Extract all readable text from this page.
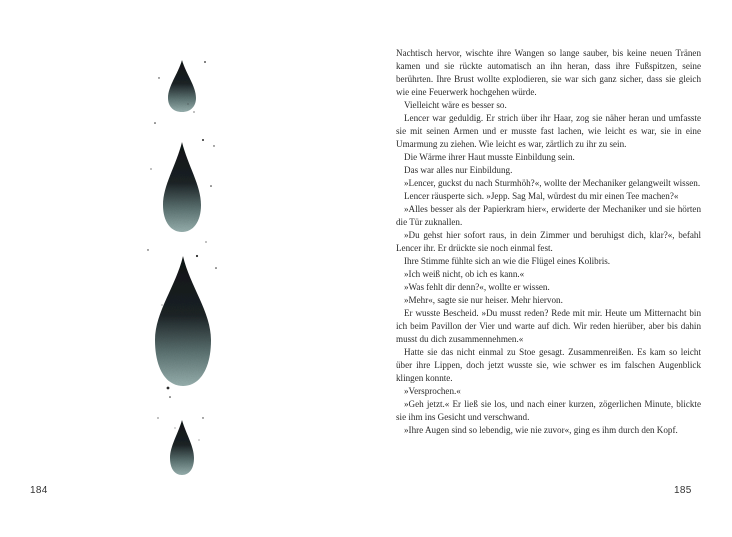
184

Nachtisch hervor, wischte ihre Wangen so lange sauber, bis keine neuen Tränen kamen und sie rückte automatisch an ihn heran, dass ihre Fußspitzen, seine berührten. Ihre Brust wollte explodieren, sie war sich ganz sicher, dass sie gleich wie eine Feuerwerk hochgehen würde.

Vielleicht wäre es besser so.

Lencer war geduldig. Er strich über ihr Haar, zog sie näher heran und umfasste sie mit seinen Armen und er musste fast lachen, wie leicht es war, sie in eine Umarmung zu ziehen. Wie leicht es war, zärtlich zu ihr zu sein.

Die Wärme ihrer Haut musste Einbildung sein.

Das war alles nur Einbildung.

»Lencer, guckst du nach Sturmhöh?«, wollte der Mechaniker gelangweilt wissen.

Lencer räusperte sich. »Jepp. Sag Mal, würdest du mir einen Tee machen?«

»Alles besser als der Papierkram hier«, erwiderte der Mechaniker und sie hörten die Tür zuknallen.

»Du gehst hier sofort raus, in dein Zimmer und beruhigst dich, klar?«, befahl Lencer ihr. Er drückte sie noch einmal fest.

Ihre Stimme fühlte sich an wie die Flügel eines Kolibris.

»Ich weiß nicht, ob ich es kann.«

»Was fehlt dir denn?«, wollte er wissen.

»Mehr«, sagte sie nur heiser. Mehr hiervon.

Er wusste Bescheid. »Du musst reden? Rede mit mir. Heute um Mitternacht bin ich beim Pavillon der Vier und warte auf dich. Wir reden hierüber, aber bis dahin musst du dich zusammennehmen.«

Hatte sie das nicht einmal zu Stoe gesagt. Zusammenreißen. Es kam so leicht über ihre Lippen, doch jetzt wusste sie, wie schwer es im falschen Augenblick klingen konnte.

»Versprochen.«

»Geh jetzt.« Er ließ sie los, und nach einer kurzen, zögerlichen Minute, blickte sie ihm ins Gesicht und verschwand.

»Ihre Augen sind so lebendig, wie nie zuvor«, ging es ihm durch den Kopf.

185
